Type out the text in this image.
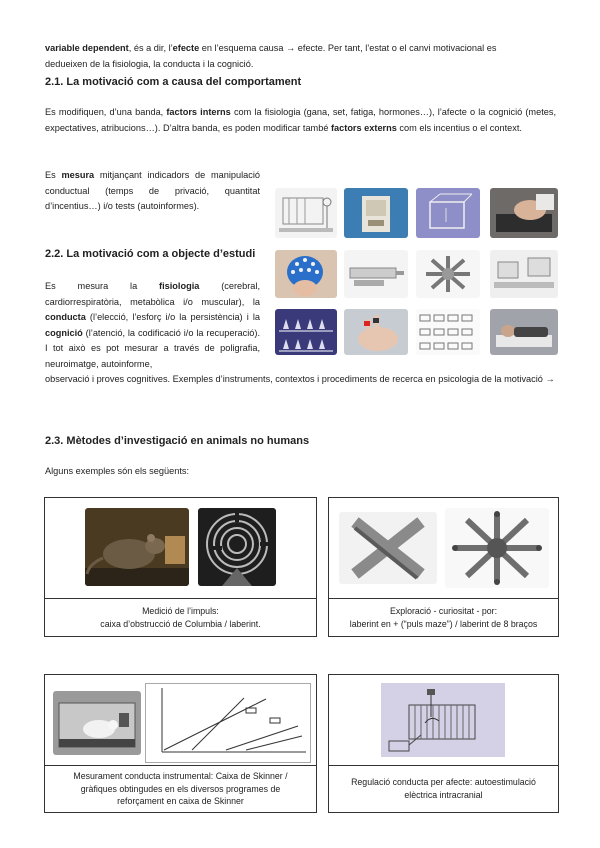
variable dependent, és a dir, l’efecte en l’esquema causa → efecte. Per tant, l’estat o el canvi motivacional es

dedueixen de la fisiologia, la conducta i la cognició.

2.1. La motivació com a causa del comportament

Es modifiquen, d’una banda, factors interns com la fisiologia (gana, set, fatiga, hormones…), l’afecte o la cognició (metes, expectatives, atribucions…). D’altra banda, es poden modificar també factors externs com els incentius o el context.

Es mesura mitjançant indicadors de manipulació conductual (temps de privació, quantitat d’incentius…) i/o tests (autoinformes).

2.2. La motivació com a objecte d’estudi

Es mesura la fisiologia (cerebral, cardiorrespiratòria, metabòlica i/o muscular), la conducta (l’elecció, l’esforç i/o la persistència) i la cognició (l’atenció, la codificació i/o la recuperació). I tot això es pot mesurar a través de poligrafia, neuroimatge, autoinforme,

observació i proves cognitives. Exemples d’instruments, contextos i procediments de recerca en psicologia de la motivació →

2.3. Mètodes d’investigació en animals no humans

Alguns exemples són els següents:

Medició de l’impuls:
caixa d’obstrucció de Columbia / laberint.
Exploració - curiositat - por:
laberint en + (“puls maze”) / laberint de 8 braços
Mesurament conducta instrumental: Caixa de Skinner /
gràfiques obtingudes en els diversos programes de
reforçament en caixa de Skinner
Regulació conducta per afecte: autoestimulació
elèctrica intracranial
